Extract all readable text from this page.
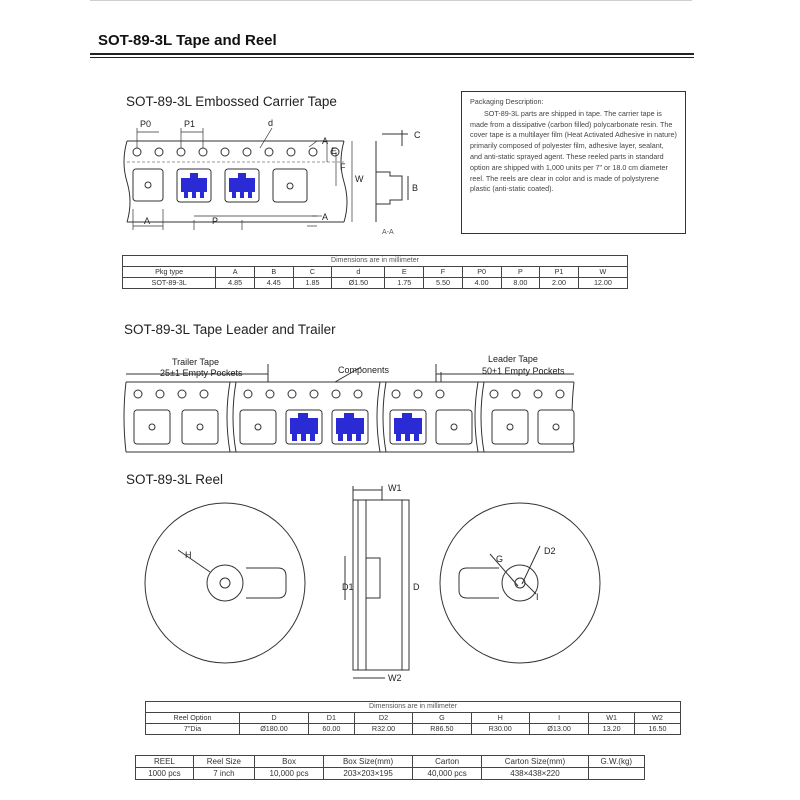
SOT-89-3L Tape and Reel
SOT-89-3L Embossed Carrier Tape
P0	P1	d
A
E
F
W
A	P	A
C
B
A-A
Packaging Description:
SOT-89-3L parts are shipped in tape. The carrier tape is made from a dissipative (carbon filled) polycarbonate resin. The cover tape is a multilayer film (Heat Activated Adhesive in nature) primarily composed of polyester film, adhesive layer, sealant, and anti-static sprayed agent. These reeled parts in standard option are shipped with 1,000 units per 7" or 18.0 cm diameter reel. The reels are clear in color and is made of polystyrene plastic (anti-static coated).
Dimensions are in millimeter										
Pkg type	A	B	C	d	E	F	P0	P	P1	W
SOT-89-3L	4.85	4.45	1.85	Ø1.50	1.75	5.50	4.00	8.00	2.00	12.00
SOT-89-3L Tape Leader and Trailer
Trailer Tape
25±1 Empty Pockets	Components
Leader Tape
50±1 Empty Pockets
SOT-89-3L Reel
H
W1
W2
D1	D
G
D2
I
Dimensions are in millimeter								
Reel Option	D	D1	D2	G	H	I	W1	W2
7"Dia	Ø180.00	60.00	R32.00	R86.50	R30.00	Ø13.00	13.20	16.50
REEL	Reel Size	Box	Box Size(mm)	Carton	Carton Size(mm)	G.W.(kg)
1000 pcs	7 inch	10,000 pcs	203×203×195	40,000 pcs	438×438×220	
